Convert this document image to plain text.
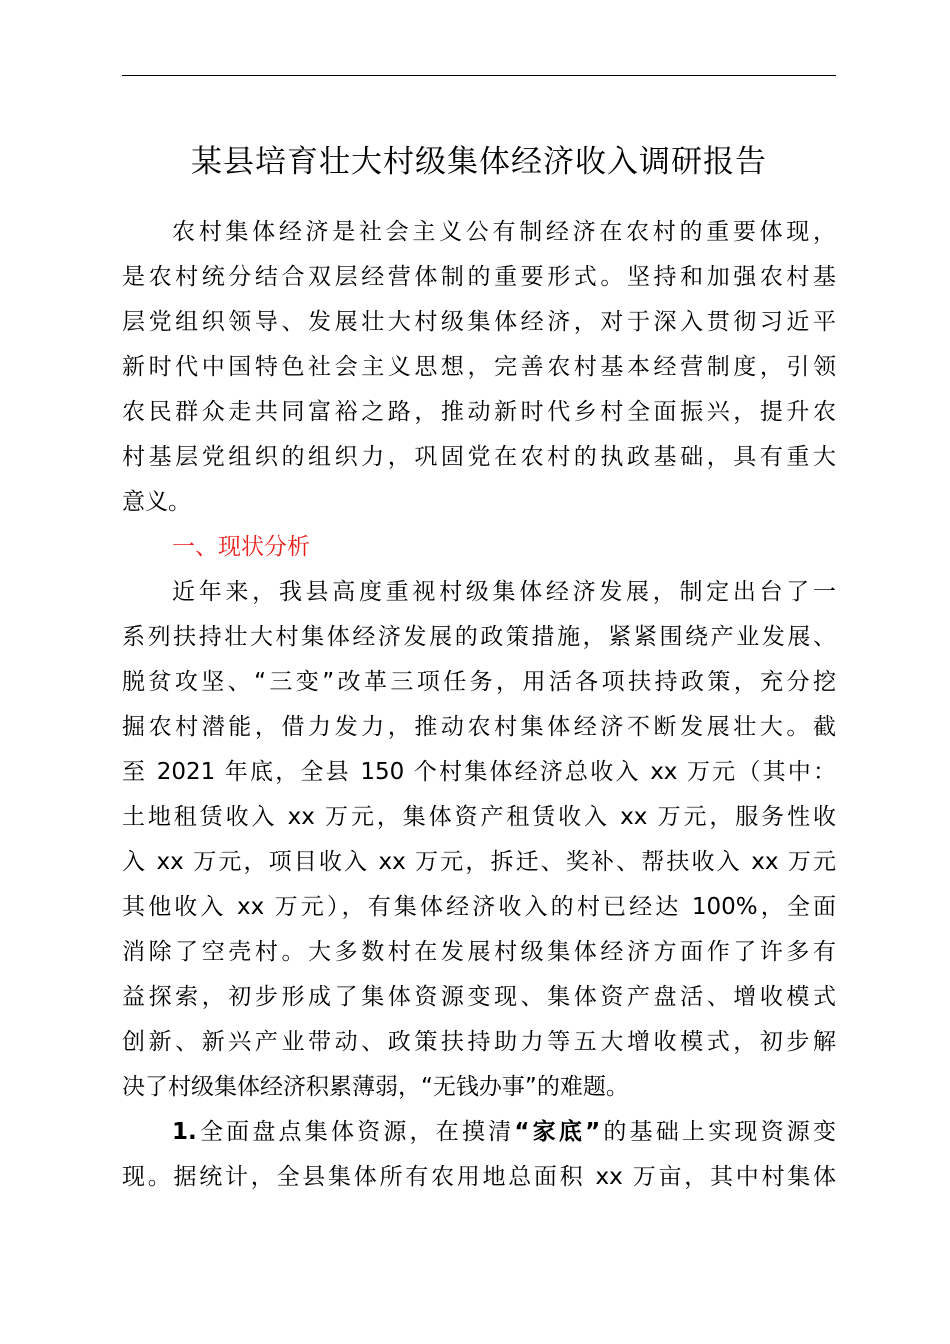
某县培育壮大村级集体经济收入调研报告
农村集体经济是社会主义公有制经济在农村的重要体现，
是农村统分结合双层经营体制的重要形式。坚持和加强农村基
层党组织领导、发展壮大村级集体经济，对于深入贯彻习近平
新时代中国特色社会主义思想，完善农村基本经营制度，引领
农民群众走共同富裕之路，推动新时代乡村全面振兴，提升农
村基层党组织的组织力，巩固党在农村的执政基础，具有重大
意义。
一、现状分析
近年来，我县高度重视村级集体经济发展，制定出台了一
系列扶持壮大村集体经济发展的政策措施，紧紧围绕产业发展、
脱贫攻坚、“三变”改革三项任务，用活各项扶持政策，充分挖
掘农村潜能，借力发力，推动农村集体经济不断发展壮大。截
至 2021 年底，全县 150 个村集体经济总收入 xx 万元（其中：
土地租赁收入 xx 万元，集体资产租赁收入 xx 万元，服务性收
入 xx 万元，项目收入 xx 万元，拆迁、奖补、帮扶收入 xx 万元
其他收入 xx 万元），有集体经济收入的村已经达 100%，全面
消除了空壳村。大多数村在发展村级集体经济方面作了许多有
益探索，初步形成了集体资源变现、集体资产盘活、增收模式
创新、新兴产业带动、政策扶持助力等五大增收模式，初步解
决了村级集体经济积累薄弱，“无钱办事”的难题。
1.全面盘点集体资源，在摸清“家底”的基础上实现资源变
现。据统计，全县集体所有农用地总面积 xx 万亩，其中村集体
